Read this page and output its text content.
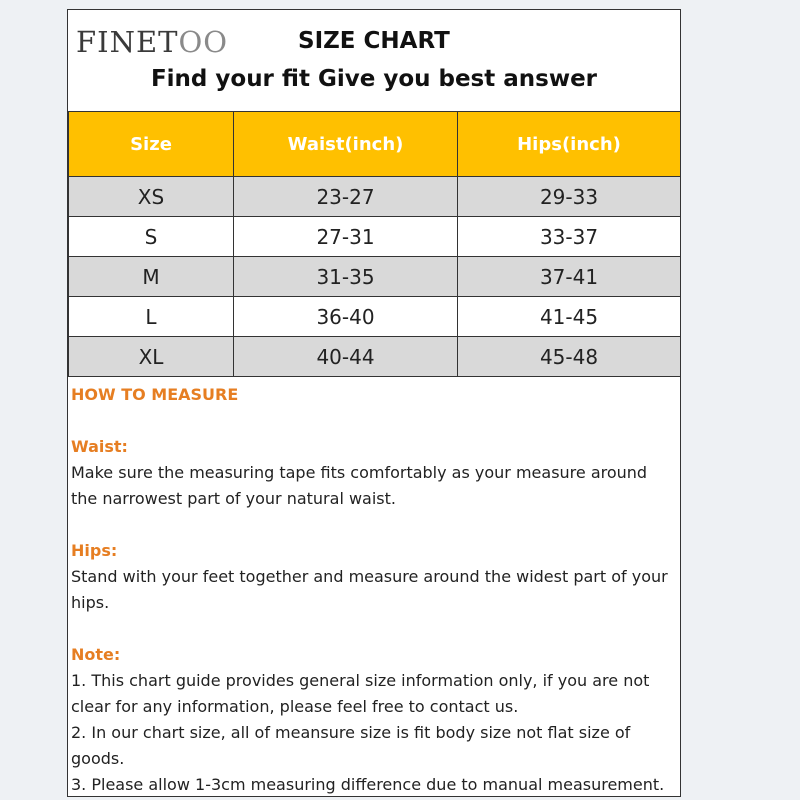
FINETOO	SIZE CHART
Find your fit Give you best answer
Size	Waist(inch)	Hips(inch)
XS	23-27	29-33
S	27-31	33-37
M	31-35	37-41
L	36-40	41-45
XL	40-44	45-48

HOW TO MEASURE

Waist:

Make sure the measuring tape fits comfortably as your measure around the narrowest part of your natural waist.

Hips:

Stand with your feet together and measure around the widest part of your hips.

Note:

1. This chart guide provides general size information only, if you are not clear for any information, please feel free to contact us.

2. In our chart size, all of meansure size is fit body size not flat size of goods.

3. Please allow 1-3cm measuring difference due to manual measurement.
